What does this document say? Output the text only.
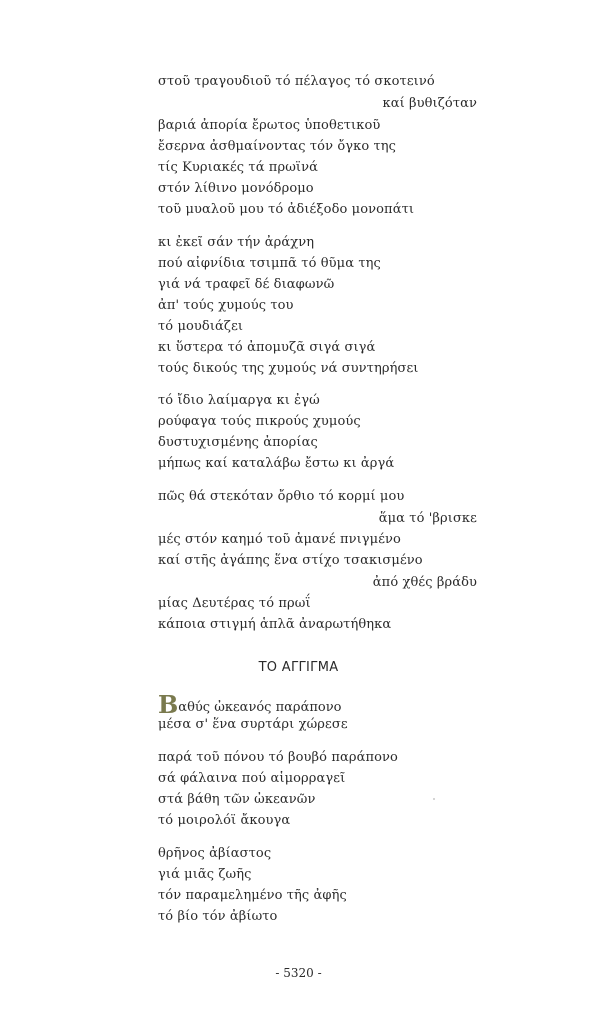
στοῦ τραγουδιοῦ τό πέλαγος τό σκοτεινό
καί βυθιζόταν
βαριά ἀπορία ἔρωτος ὑποθετικοῦ
ἔσερνα ἀσθμαίνοντας τόν ὄγκο της
τίς Κυριακές τά πρωϊνά
στόν λίθινο μονόδρομο
τοῦ μυαλοῦ μου τό ἀδιέξοδο μονοπάτι
κι ἐκεῖ σάν τήν ἀράχνη
πού αἰφνίδια τσιμπᾶ τό θῦμα της
γιά νά τραφεῖ δέ διαφωνῶ
ἀπ' τούς χυμούς του
τό μουδιάζει
κι ὕστερα τό ἀπομυζᾶ σιγά σιγά
τούς δικούς της χυμούς νά συντηρήσει
τό ἴδιο λαίμαργα κι ἐγώ
ρούφαγα τούς πικρούς χυμούς
δυστυχισμένης ἀπορίας
μήπως καί καταλάβω ἔστω κι ἀργά
πῶς θά στεκόταν ὄρθιο τό κορμί μου
ἅμα τό 'βρισκε
μές στόν καημό τοῦ ἀμανέ πνιγμένο
καί στῆς ἀγάπης ἕνα στίχο τσακισμένο
ἀπό χθές βράδυ
μίας Δευτέρας τό πρωΐ
κάποια στιγμή ἁπλᾶ ἀναρωτήθηκα
ΤΟ ΑΓΓΙΓΜΑ
Βαθύς ὠκεανός παράπονο
μέσα σ' ἕνα συρτάρι χώρεσε
παρά τοῦ πόνου τό βουβό παράπονο
σά φάλαινα πού αἱμορραγεῖ
στά βάθη τῶν ὠκεανῶν
τό μοιρολόϊ ἄκουγα
θρῆνος ἀβίαστος
γιά μιᾶς ζωῆς
τόν παραμελημένο τῆς ἀφῆς
τό βίο τόν ἀβίωτο
- 5320 -
